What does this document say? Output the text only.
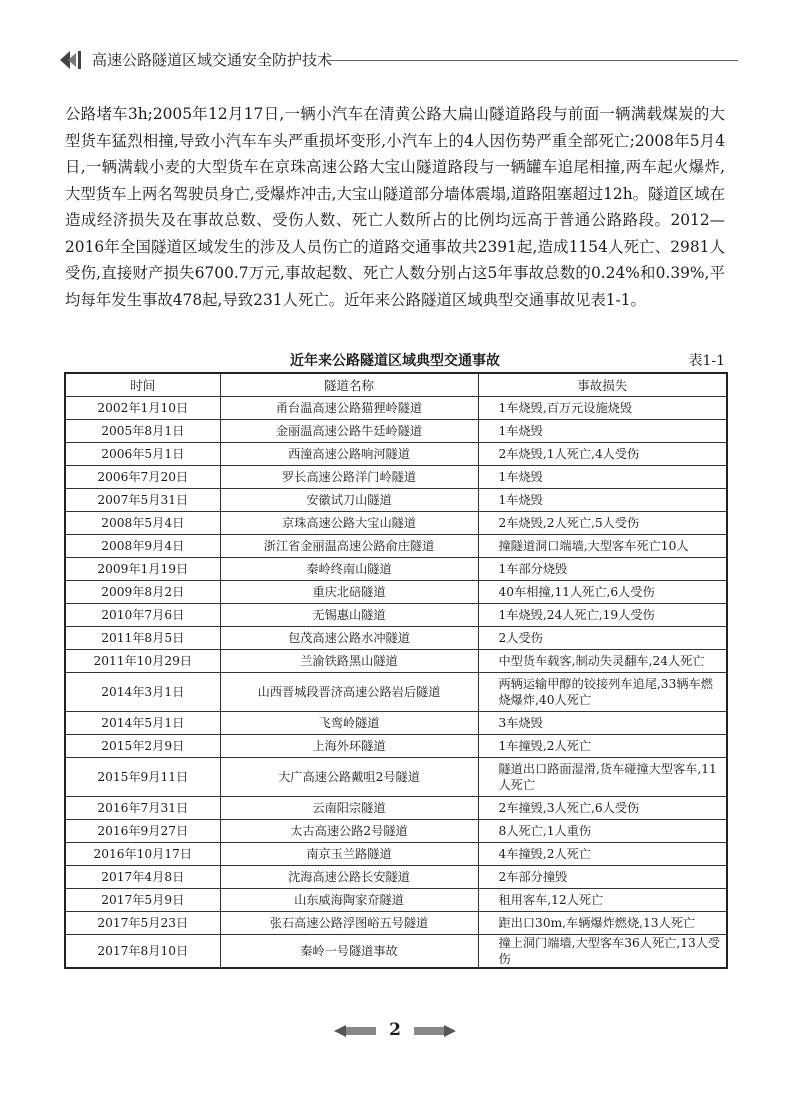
高速公路隧道区域交通安全防护技术

公路堵车3h;2005年12月17日,一辆小汽车在清黄公路大扁山隧道路段与前面一辆满载煤炭的大型货车猛烈相撞,导致小汽车车头严重损坏变形,小汽车上的4人因伤势严重全部死亡;2008年5月4日,一辆满载小麦的大型货车在京珠高速公路大宝山隧道路段与一辆罐车追尾相撞,两车起火爆炸,大型货车上两名驾驶员身亡,受爆炸冲击,大宝山隧道部分墙体震塌,道路阻塞超过12h。隧道区域在造成经济损失及在事故总数、受伤人数、死亡人数所占的比例均远高于普通公路路段。2012—2016年全国隧道区域发生的涉及人员伤亡的道路交通事故共2391起,造成1154人死亡、2981人受伤,直接财产损失6700.7万元,事故起数、死亡人数分别占这5年事故总数的0.24%和0.39%,平均每年发生事故478起,导致231人死亡。近年来公路隧道区域典型交通事故见表1-1。

近年来公路隧道区域典型交通事故	表1-1
时间	隧道名称	事故损失
2002年1月10日	甬台温高速公路猫狸岭隧道	1车烧毁,百万元设施烧毁
2005年8月1日	金丽温高速公路牛廷岭隧道	1车烧毁
2006年5月1日	西潼高速公路响河隧道	2车烧毁,1人死亡,4人受伤
2006年7月20日	罗长高速公路洋门岭隧道	1车烧毁
2007年5月31日	安徽试刀山隧道	1车烧毁
2008年5月4日	京珠高速公路大宝山隧道	2车烧毁,2人死亡,5人受伤
2008年9月4日	浙江省金丽温高速公路俞庄隧道	撞隧道洞口端墙,大型客车死亡10人
2009年1月19日	秦岭终南山隧道	1车部分烧毁
2009年8月2日	重庆北碚隧道	40车相撞,11人死亡,6人受伤
2010年7月6日	无锡惠山隧道	1车烧毁,24人死亡,19人受伤
2011年8月5日	包茂高速公路水冲隧道	2人受伤
2011年10月29日	兰渝铁路黑山隧道	中型货车载客,制动失灵翻车,24人死亡
2014年3月1日	山西晋城段晋济高速公路岩后隧道	两辆运输甲醇的铰接列车追尾,33辆车燃烧爆炸,40人死亡
2014年5月1日	飞鸾岭隧道	3车烧毁
2015年2月9日	上海外环隧道	1车撞毁,2人死亡
2015年9月11日	大广高速公路戴咀2号隧道	隧道出口路面湿滑,货车碰撞大型客车,11人死亡
2016年7月31日	云南阳宗隧道	2车撞毁,3人死亡,6人受伤
2016年9月27日	太古高速公路2号隧道	8人死亡,1人重伤
2016年10月17日	南京玉兰路隧道	4车撞毁,2人死亡
2017年4月8日	沈海高速公路长安隧道	2车部分撞毁
2017年5月9日	山东威海陶家夼隧道	租用客车,12人死亡
2017年5月23日	张石高速公路浮图峪五号隧道	距出口30m,车辆爆炸燃烧,13人死亡
2017年8月10日	秦岭一号隧道事故	撞上洞门端墙,大型客车36人死亡,13人受伤
2
